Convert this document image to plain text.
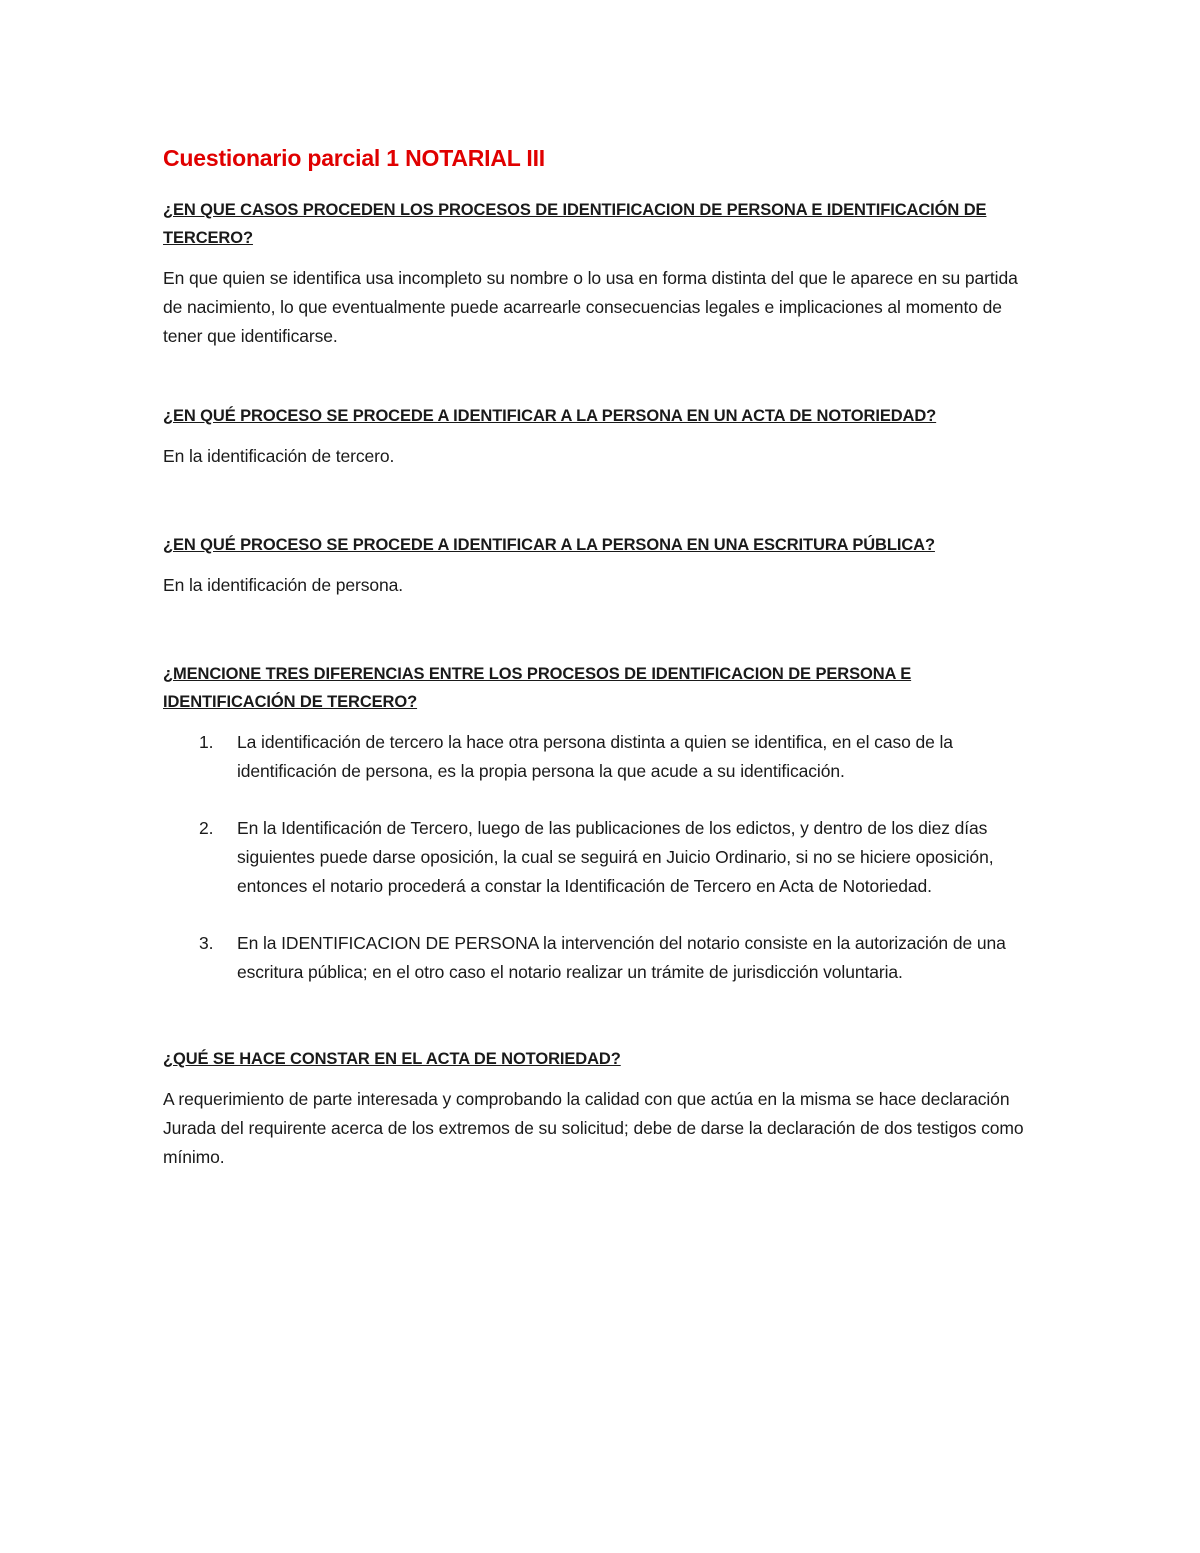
Cuestionario parcial 1 NOTARIAL III

¿EN QUE CASOS PROCEDEN LOS PROCESOS DE IDENTIFICACION DE PERSONA E IDENTIFICACIÓN DE TERCERO?

En que quien se identifica usa incompleto su nombre o lo usa en forma distinta del que le aparece en su partida de nacimiento, lo que eventualmente puede acarrearle consecuencias legales e implicaciones al momento de tener que identificarse.

¿EN QUÉ PROCESO SE PROCEDE A IDENTIFICAR A LA PERSONA EN UN ACTA DE NOTORIEDAD?

En la identificación de tercero.

¿EN QUÉ PROCESO SE PROCEDE A IDENTIFICAR A LA PERSONA EN UNA ESCRITURA PÚBLICA?

En la identificación de persona.

¿MENCIONE TRES DIFERENCIAS ENTRE LOS PROCESOS DE IDENTIFICACION DE PERSONA E IDENTIFICACIÓN DE TERCERO?

1. La identificación de tercero la hace otra persona distinta a quien se identifica, en el caso de la identificación de persona, es la propia persona la que acude a su identificación.
2. En la Identificación de Tercero, luego de las publicaciones de los edictos, y dentro de los diez días siguientes puede darse oposición, la cual se seguirá en Juicio Ordinario, si no se hiciere oposición, entonces el notario procederá a constar la Identificación de Tercero en Acta de Notoriedad.
3. En la IDENTIFICACION DE PERSONA la intervención del notario consiste en la autorización de una escritura pública; en el otro caso el notario realizar un trámite de jurisdicción voluntaria.

¿QUÉ SE HACE CONSTAR EN EL ACTA DE NOTORIEDAD?

A requerimiento de parte interesada y comprobando la calidad con que actúa en la misma se hace declaración Jurada del requirente acerca de los extremos de su solicitud; debe de darse la declaración de dos testigos como mínimo.
